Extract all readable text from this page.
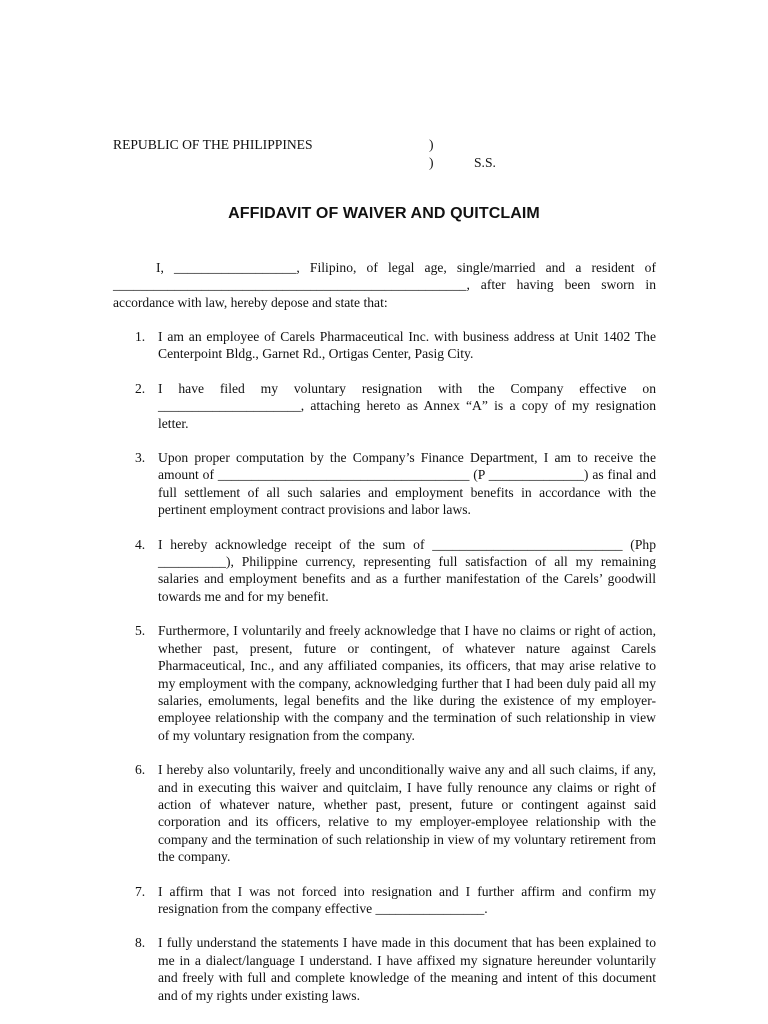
REPUBLIC OF THE PHILIPPINES	)
)	S.S.
AFFIDAVIT OF WAIVER AND QUITCLAIM

I, __________________, Filipino, of legal age, single/married and a resident of ____________________________________________________, after having been sworn in accordance with law, hereby depose and state that:

1. I am an employee of Carels Pharmaceutical Inc. with business address at Unit 1402 The Centerpoint Bldg., Garnet Rd., Ortigas Center, Pasig City.
2. I have filed my voluntary resignation with the Company effective on _____________________, attaching hereto as Annex “A” is a copy of my resignation letter.
3. Upon proper computation by the Company’s Finance Department, I am to receive the amount of _____________________________________ (P ______________) as final and full settlement of all such salaries and employment benefits in accordance with the pertinent employment contract provisions and labor laws.
4. I hereby acknowledge receipt of the sum of ____________________________ (Php __________), Philippine currency, representing full satisfaction of all my remaining salaries and employment benefits and as a further manifestation of the Carels’ goodwill towards me and for my benefit.
5. Furthermore, I voluntarily and freely acknowledge that I have no claims or right of action, whether past, present, future or contingent, of whatever nature against Carels Pharmaceutical, Inc., and any affiliated companies, its officers, that may arise relative to my employment with the company, acknowledging further that I had been duly paid all my salaries, emoluments, legal benefits and the like during the existence of my employer-employee relationship with the company and the termination of such relationship in view of my voluntary resignation from the company.
6. I hereby also voluntarily, freely and unconditionally waive any and all such claims, if any, and in executing this waiver and quitclaim, I have fully renounce any claims or right of action of whatever nature, whether past, present, future or contingent against said corporation and its officers, relative to my employer-employee relationship with the company and the termination of such relationship in view of my voluntary retirement from the company.
7. I affirm that I was not forced into resignation and I further affirm and confirm my resignation from the company effective ________________.
8. I fully understand the statements I have made in this document that has been explained to me in a dialect/language I understand. I have affixed my signature hereunder voluntarily and freely with full and complete knowledge of the meaning and intent of this document and of my rights under existing laws.
